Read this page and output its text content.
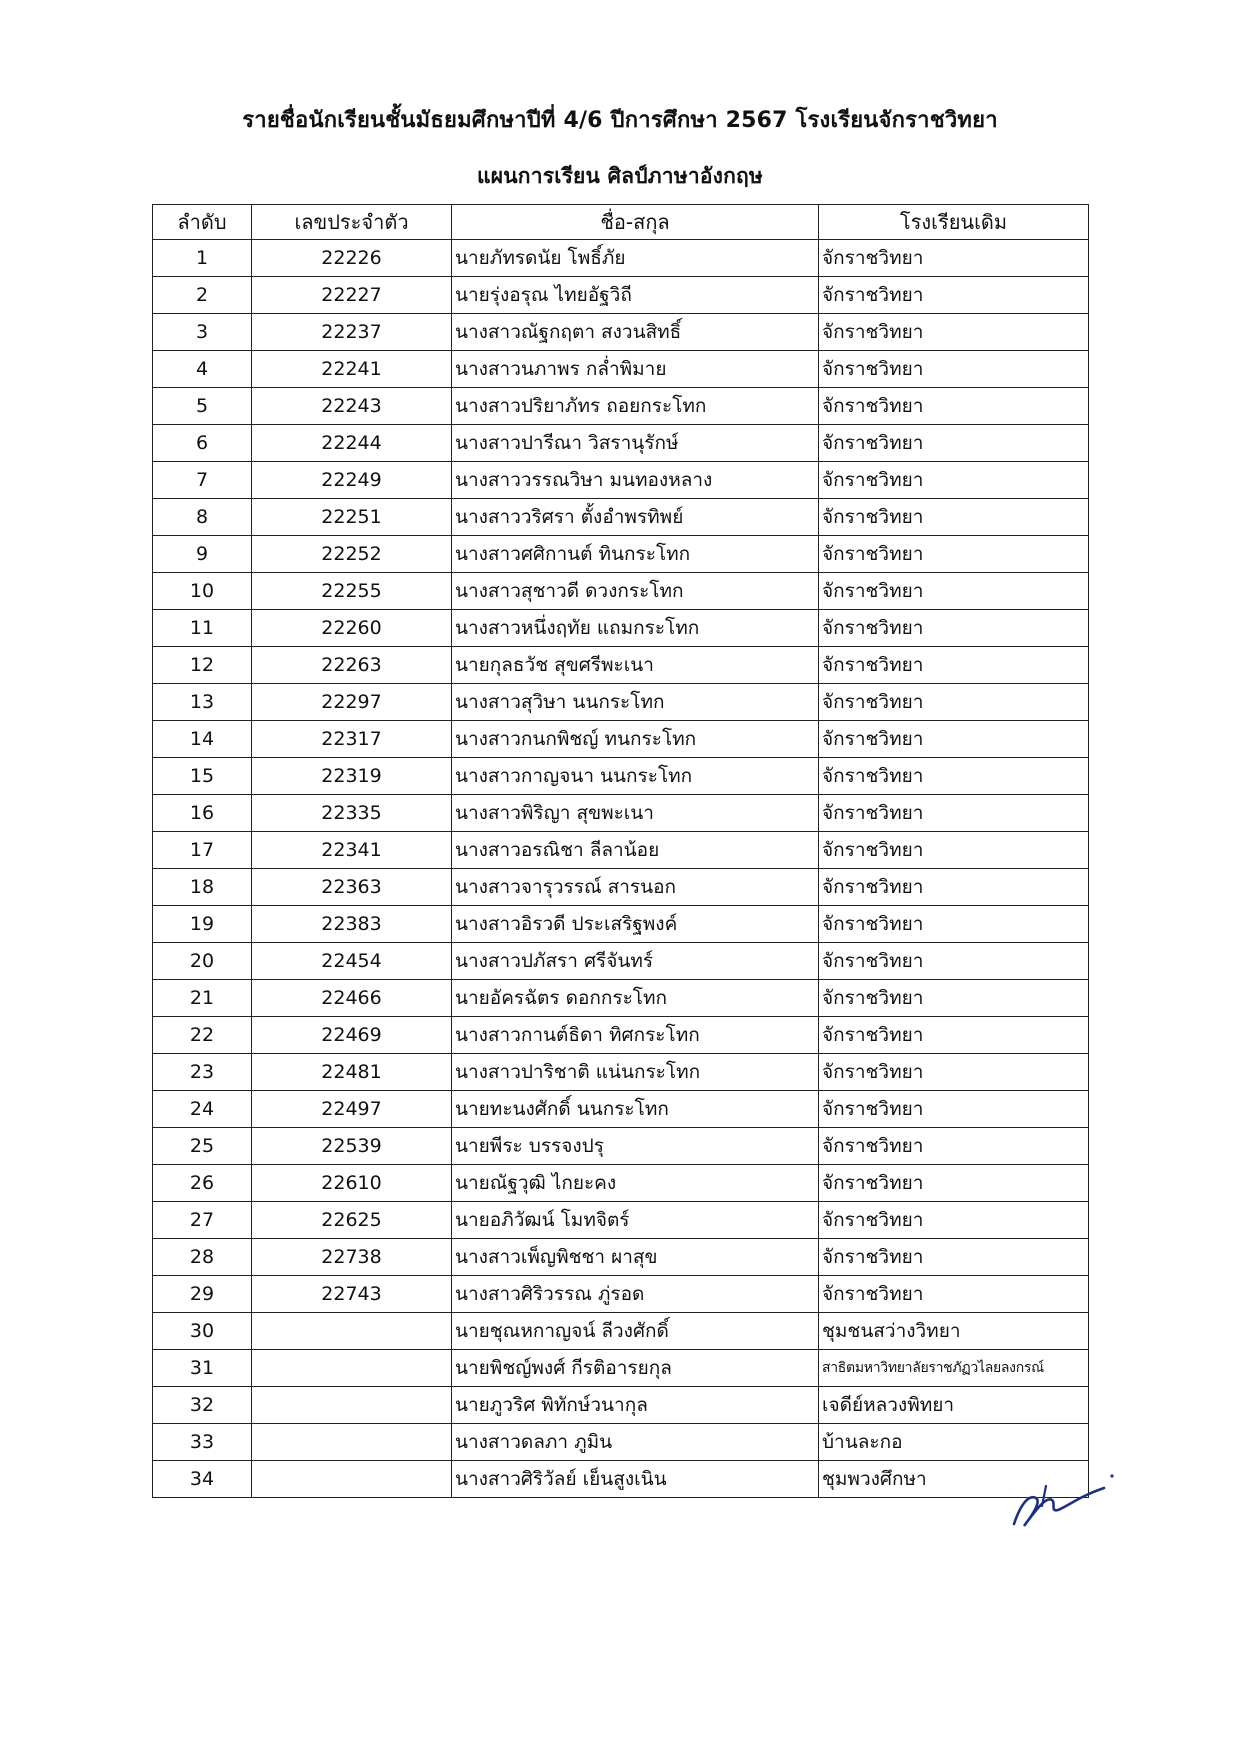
รายชื่อนักเรียนชั้นมัธยมศึกษาปีที่ 4/6 ปีการศึกษา 2567 โรงเรียนจักราชวิทยา
แผนการเรียน ศิลป์ภาษาอังกฤษ
ลำดับ	เลขประจำตัว	ชื่อ-สกุล	โรงเรียนเดิม
1	22226	นายภัทรดนัย โพธิ์ภัย	จักราชวิทยา
2	22227	นายรุ่งอรุณ ไทยอัฐวิถี	จักราชวิทยา
3	22237	นางสาวณัฐกฤตา สงวนสิทธิ์	จักราชวิทยา
4	22241	นางสาวนภาพร กล่ำพิมาย	จักราชวิทยา
5	22243	นางสาวปริยาภัทร ถอยกระโทก	จักราชวิทยา
6	22244	นางสาวปารีณา วิสรานุรักษ์	จักราชวิทยา
7	22249	นางสาววรรณวิษา มนทองหลาง	จักราชวิทยา
8	22251	นางสาววริศรา ตั้งอำพรทิพย์	จักราชวิทยา
9	22252	นางสาวศศิกานต์ ทินกระโทก	จักราชวิทยา
10	22255	นางสาวสุชาวดี ดวงกระโทก	จักราชวิทยา
11	22260	นางสาวหนึ่งฤทัย แถมกระโทก	จักราชวิทยา
12	22263	นายกุลธวัช สุขศรีพะเนา	จักราชวิทยา
13	22297	นางสาวสุวิษา นนกระโทก	จักราชวิทยา
14	22317	นางสาวกนกพิชญ์ ทนกระโทก	จักราชวิทยา
15	22319	นางสาวกาญจนา นนกระโทก	จักราชวิทยา
16	22335	นางสาวพิริญา สุขพะเนา	จักราชวิทยา
17	22341	นางสาวอรณิชา ลีลาน้อย	จักราชวิทยา
18	22363	นางสาวจารุวรรณ์ สารนอก	จักราชวิทยา
19	22383	นางสาวอิรวดี ประเสริฐพงค์	จักราชวิทยา
20	22454	นางสาวปภัสรา ศรีจันทร์	จักราชวิทยา
21	22466	นายอัครฉัตร ดอกกระโทก	จักราชวิทยา
22	22469	นางสาวกานต์ธิดา ทิศกระโทก	จักราชวิทยา
23	22481	นางสาวปาริชาติ แน่นกระโทก	จักราชวิทยา
24	22497	นายทะนงศักดิ์ นนกระโทก	จักราชวิทยา
25	22539	นายพีระ บรรจงปรุ	จักราชวิทยา
26	22610	นายณัฐวุฒิ ไกยะคง	จักราชวิทยา
27	22625	นายอภิวัฒน์ โมทจิตร์	จักราชวิทยา
28	22738	นางสาวเพ็ญพิชชา ผาสุข	จักราชวิทยา
29	22743	นางสาวศิริวรรณ ภู่รอด	จักราชวิทยา
30		นายชุณหกาญจน์ ลีวงศักดิ์	ชุมชนสว่างวิทยา
31		นายพิชญ์พงศ์ กีรติอารยกุล	สาธิตมหาวิทยาลัยราชภัฏวไลยลงกรณ์
32		นายภูวริศ พิทักษ์วนากุล	เจดีย์หลวงพิทยา
33		นางสาวดลภา ภูมิน	บ้านละกอ
34		นางสาวศิริวัลย์ เย็นสูงเนิน	ชุมพวงศึกษา
